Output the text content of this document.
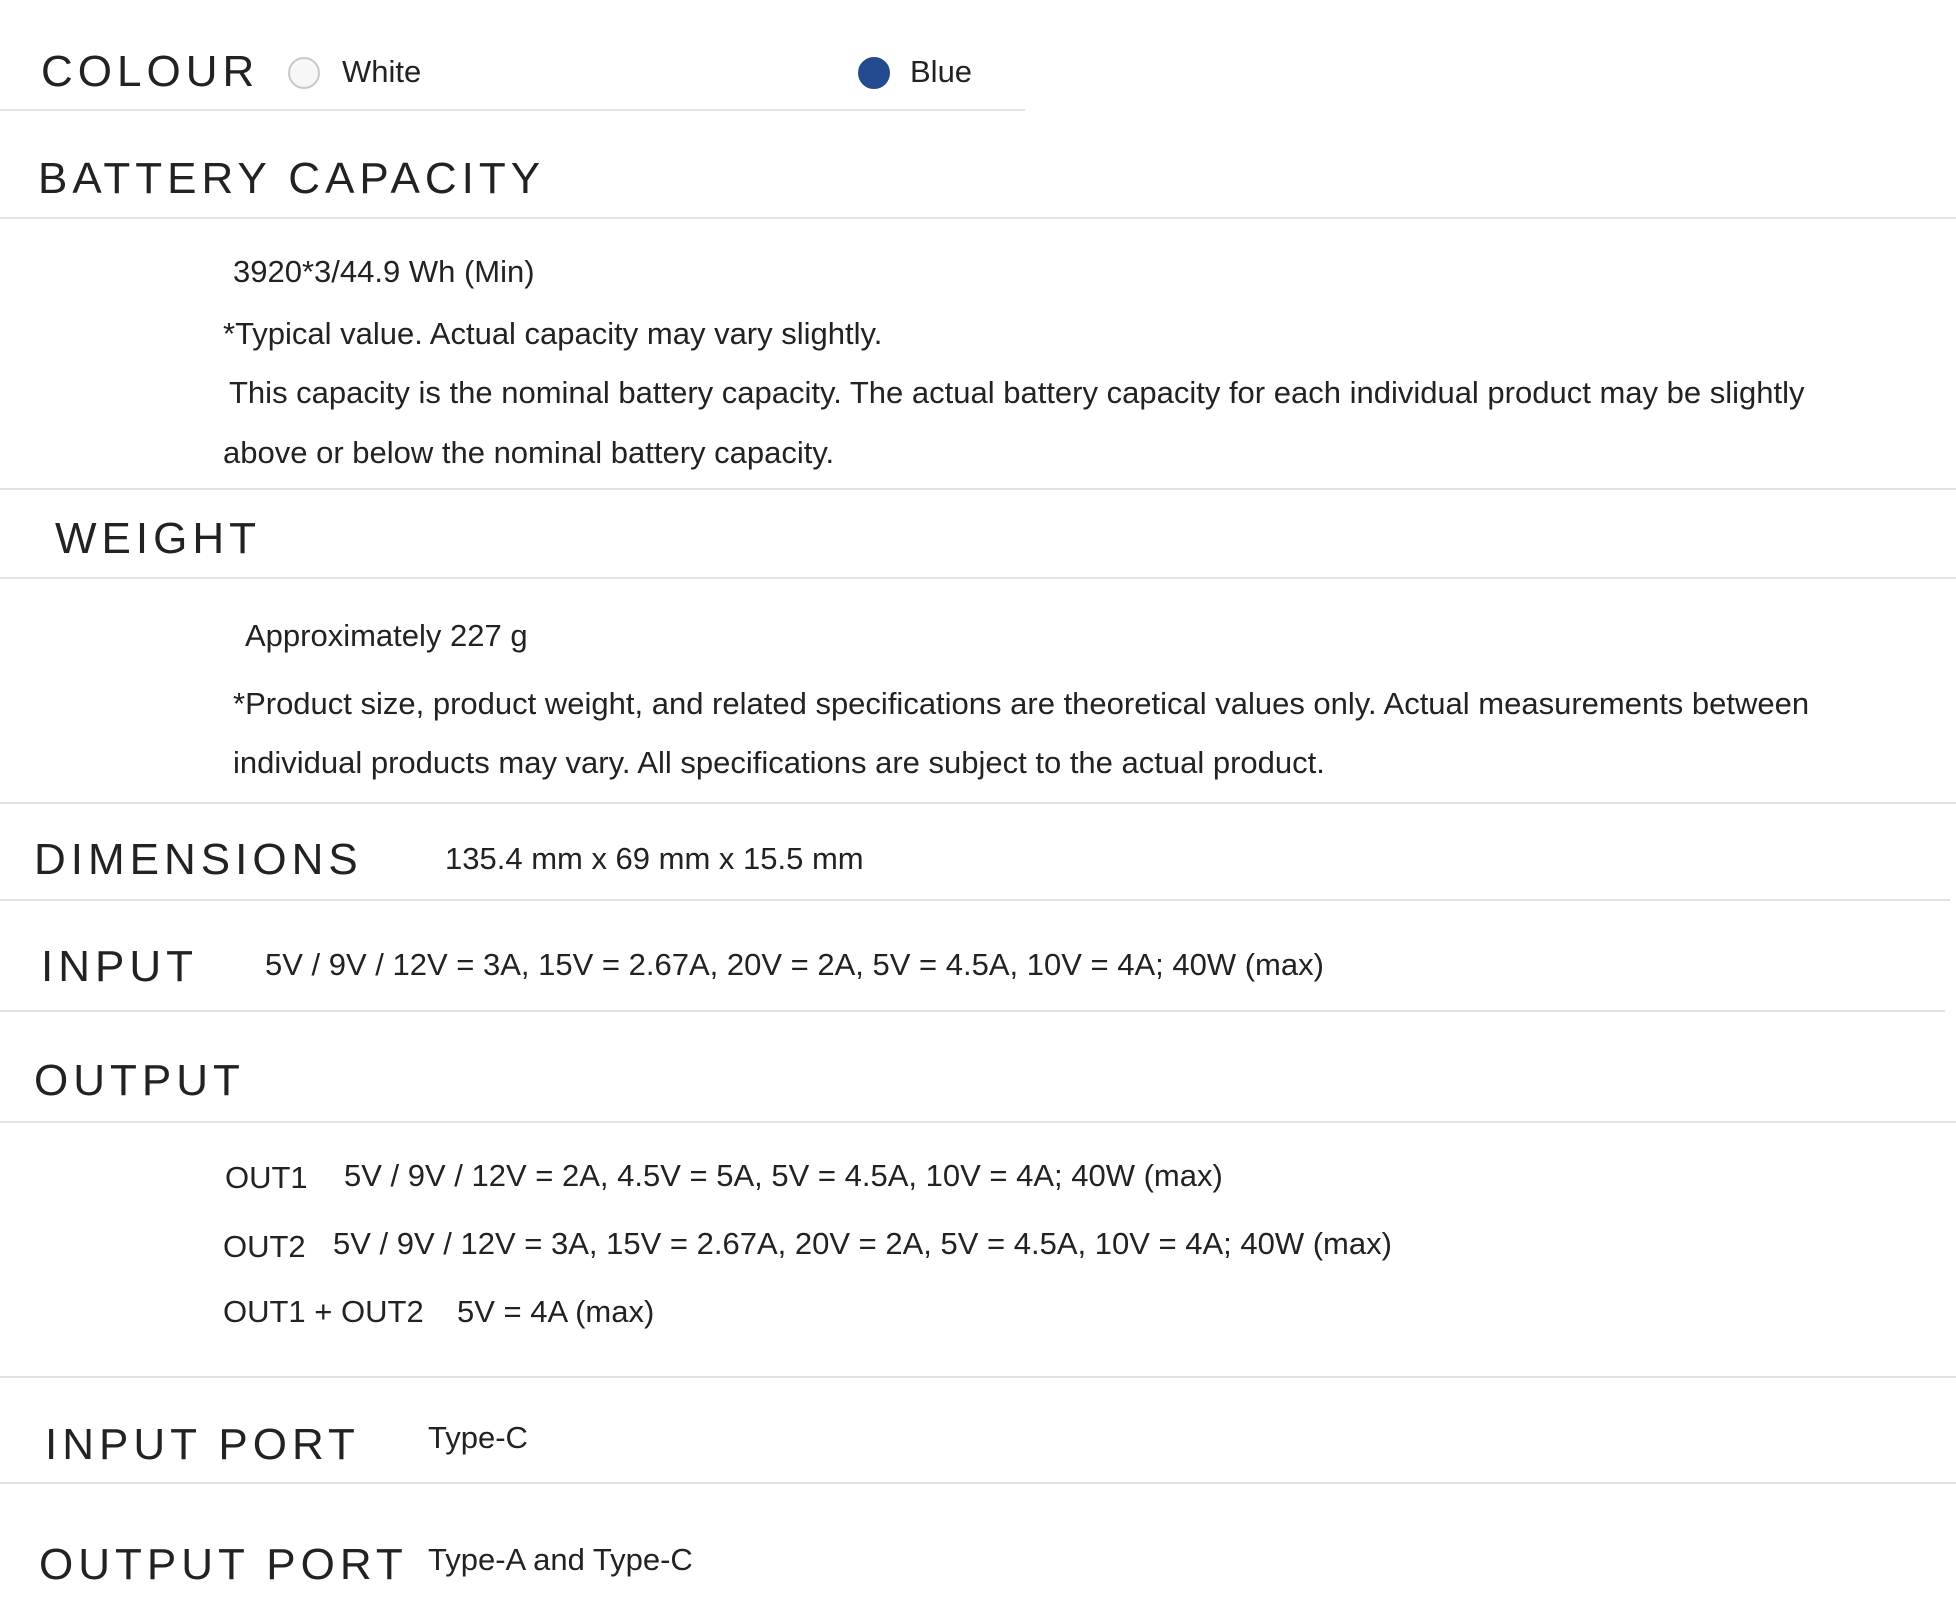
COLOUR	White	Blue
BATTERY CAPACITY
3920*3/44.9 Wh (Min)
*Typical value. Actual capacity may vary slightly.
This capacity is the nominal battery capacity. The actual battery capacity for each individual product may be slightly
above or below the nominal battery capacity.
WEIGHT
Approximately 227 g
*Product size, product weight, and related specifications are theoretical values only. Actual measurements between
individual products may vary. All specifications are subject to the actual product.
DIMENSIONS	135.4 mm x 69 mm x 15.5 mm
INPUT 5V / 9V / 12V = 3A, 15V = 2.67A, 20V = 2A, 5V = 4.5A, 10V = 4A; 40W (max)
OUTPUT
OUT1 5V / 9V / 12V = 2A, 4.5V = 5A, 5V = 4.5A, 10V = 4A; 40W (max)
OUT2 5V / 9V / 12V = 3A, 15V = 2.67A, 20V = 2A, 5V = 4.5A, 10V = 4A; 40W (max)
OUT1 + OUT2 5V = 4A (max)
INPUT PORT Type-C
OUTPUT PORT Type-A and Type-C
